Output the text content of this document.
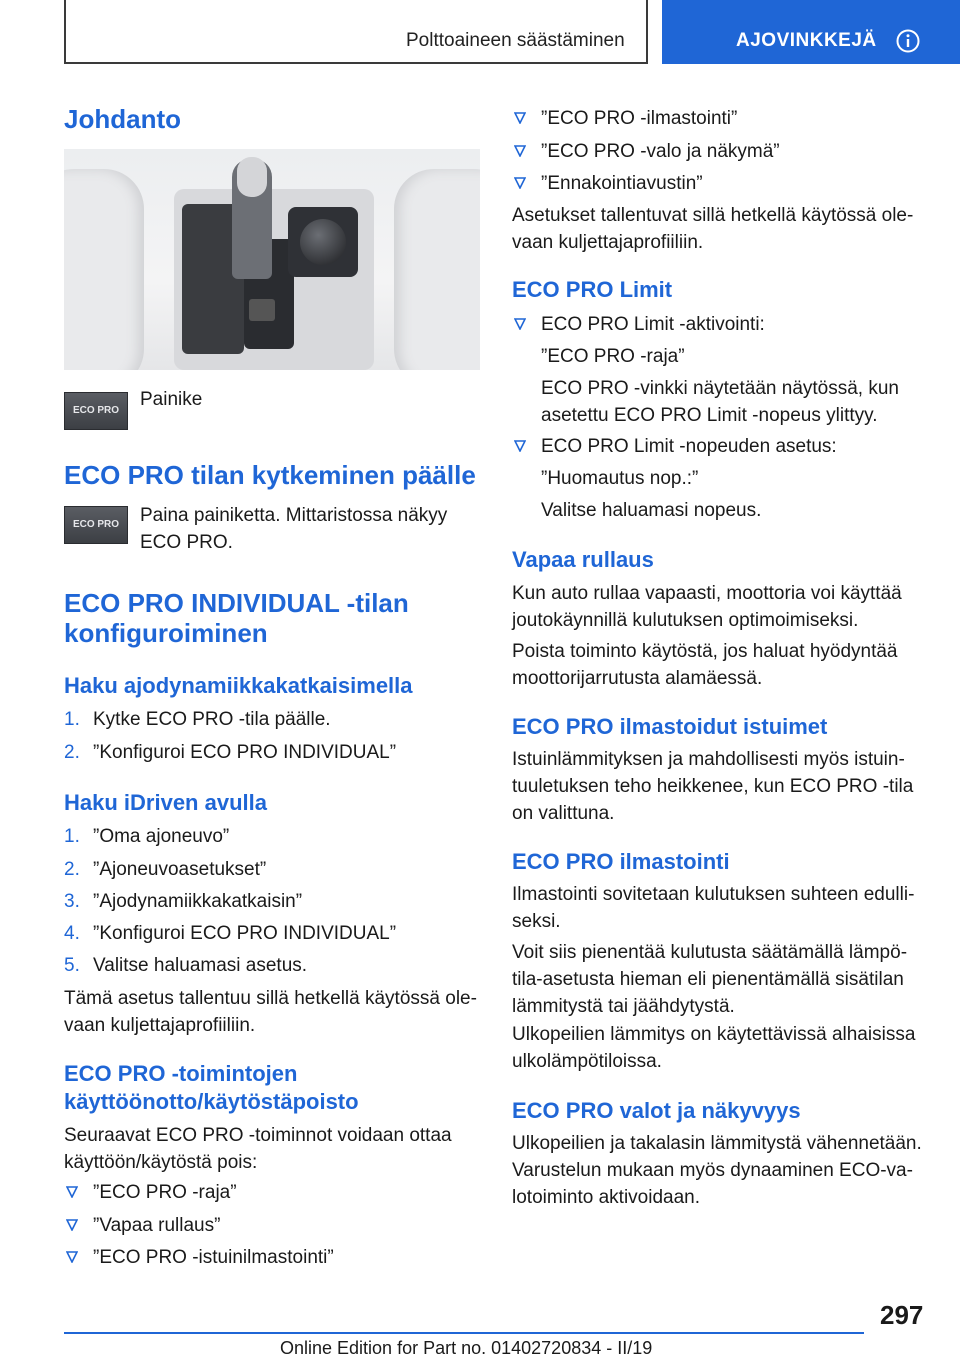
Polttoaineen säästäminen	AJOVINKKEJÄ
Johdanto
ECO PRO
Painike
ECO PRO tilan kytkeminen päälle
ECO PRO	Paina painiketta. Mittaristossa näkyy ECO PRO.
ECO PRO INDIVIDUAL ‑tilan konfiguroiminen
Haku ajodynamiikkakatkaisimella
1. Kytke ECO PRO ‑tila päälle.
2. ”Konfiguroi ECO PRO INDIVIDUAL”
Haku iDriven avulla
1. ”Oma ajoneuvo”
2. ”Ajoneuvoasetukset”
3. ”Ajodynamiikkakatkaisin”
4. ”Konfiguroi ECO PRO INDIVIDUAL”
5. Valitse haluamasi asetus.
Tämä asetus tallentuu sillä hetkellä käytössä olevaan kuljettajaprofiiliin.
ECO PRO ‑toimintojen käyttöönotto/käytöstäpoisto
Seuraavat ECO PRO ‑toiminnot voidaan ottaa käyttöön/käytöstä pois:
”ECO PRO ‑raja”
”Vapaa rullaus”
”ECO PRO ‑istuinilmastointi”
”ECO PRO ‑ilmastointi”
”ECO PRO ‑valo ja näkymä”
”Ennakointiavustin”
Asetukset tallentuvat sillä hetkellä käytössä olevaan kuljettajaprofiiliin.
ECO PRO Limit
ECO PRO Limit ‑aktivointi:
”ECO PRO ‑raja”
ECO PRO ‑vinkki näytetään näytössä, kun asetettu ECO PRO Limit ‑nopeus ylittyy.
ECO PRO Limit ‑nopeuden asetus:
”Huomautus nop.:”
Valitse haluamasi nopeus.
Vapaa rullaus
Kun auto rullaa vapaasti, moottoria voi käyttää joutokäynnillä kulutuksen optimoimiseksi.
Poista toiminto käytöstä, jos haluat hyödyntää moottorijarrutusta alamäessä.
ECO PRO ilmastoidut istuimet
Istuinlämmityksen ja mahdollisesti myös istuintuuletuksen teho heikkenee, kun ECO PRO ‑tila on valittuna.
ECO PRO ilmastointi
Ilmastointi sovitetaan kulutuksen suhteen edulliseksi.
Voit siis pienentää kulutusta säätämällä lämpötila-asetusta hieman eli pienentämällä sisätilan lämmitystä tai jäähdytystä.
Ulkopeilien lämmitys on käytettävissä alhaisissa ulkolämpötiloissa.
ECO PRO valot ja näkyvyys
Ulkopeilien ja takalasin lämmitystä vähennetään. Varustelun mukaan myös dynaaminen ECO-valotoiminto aktivoidaan.
297
Online Edition for Part no. 01402720834 - II/19
